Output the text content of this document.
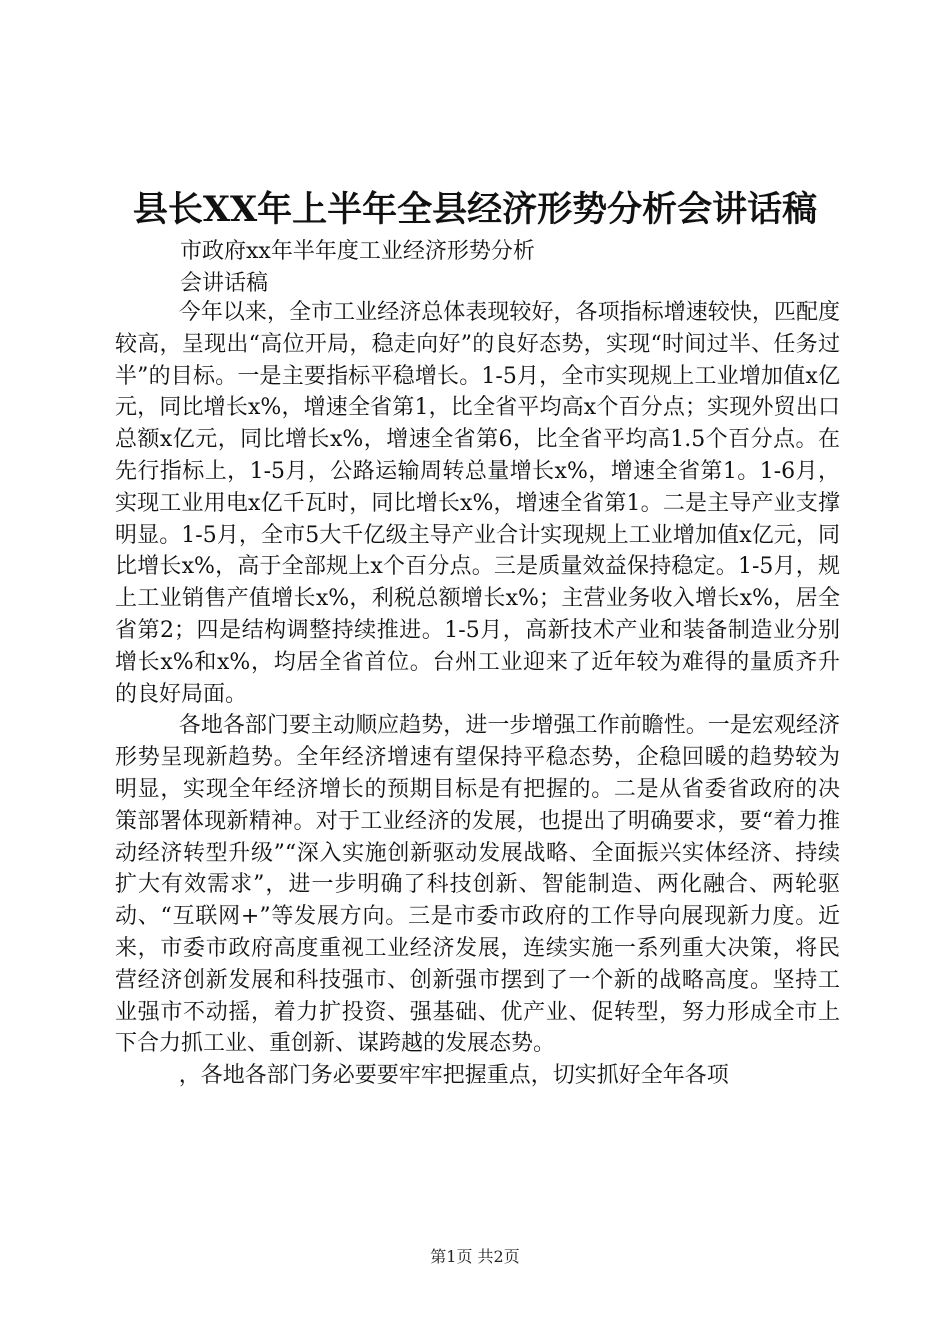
县长XX年上半年全县经济形势分析会讲话稿
市政府xx年半年度工业经济形势分析
会讲话稿

今年以来，全市工业经济总体表现较好，各项指标增速较快，匹配度较高，呈现出“高位开局，稳走向好”的良好态势，实现“时间过半、任务过半”的目标。一是主要指标平稳增长。1-5月，全市实现规上工业增加值x亿元，同比增长x%，增速全省第1，比全省平均高x个百分点；实现外贸出口总额x亿元，同比增长x%，增速全省第6，比全省平均高1.5个百分点。在先行指标上，1-5月，公路运输周转总量增长x%，增速全省第1。1-6月，实现工业用电x亿千瓦时，同比增长x%，增速全省第1。二是主导产业支撑明显。1-5月，全市5大千亿级主导产业合计实现规上工业增加值x亿元，同比增长x%，高于全部规上x个百分点。三是质量效益保持稳定。1-5月，规上工业销售产值增长x%，利税总额增长x%；主营业务收入增长x%，居全省第2；四是结构调整持续推进。1-5月，高新技术产业和装备制造业分别增长x%和x%，均居全省首位。台州工业迎来了近年较为难得的量质齐升的良好局面。

各地各部门要主动顺应趋势，进一步增强工作前瞻性。一是宏观经济形势呈现新趋势。全年经济增速有望保持平稳态势，企稳回暖的趋势较为明显，实现全年经济增长的预期目标是有把握的。二是从省委省政府的决策部署体现新精神。对于工业经济的发展，也提出了明确要求，要“着力推动经济转型升级”“深入实施创新驱动发展战略、全面振兴实体经济、持续扩大有效需求”，进一步明确了科技创新、智能制造、两化融合、两轮驱动、“互联网+”等发展方向。三是市委市政府的工作导向展现新力度。近来，市委市政府高度重视工业经济发展，连续实施一系列重大决策，将民营经济创新发展和科技强市、创新强市摆到了一个新的战略高度。坚持工业强市不动摇，着力扩投资、强基础、优产业、促转型，努力形成全市上下合力抓工业、重创新、谋跨越的发展态势。

，各地各部门务必要要牢牢把握重点，切实抓好全年各项

第1页 共2页
